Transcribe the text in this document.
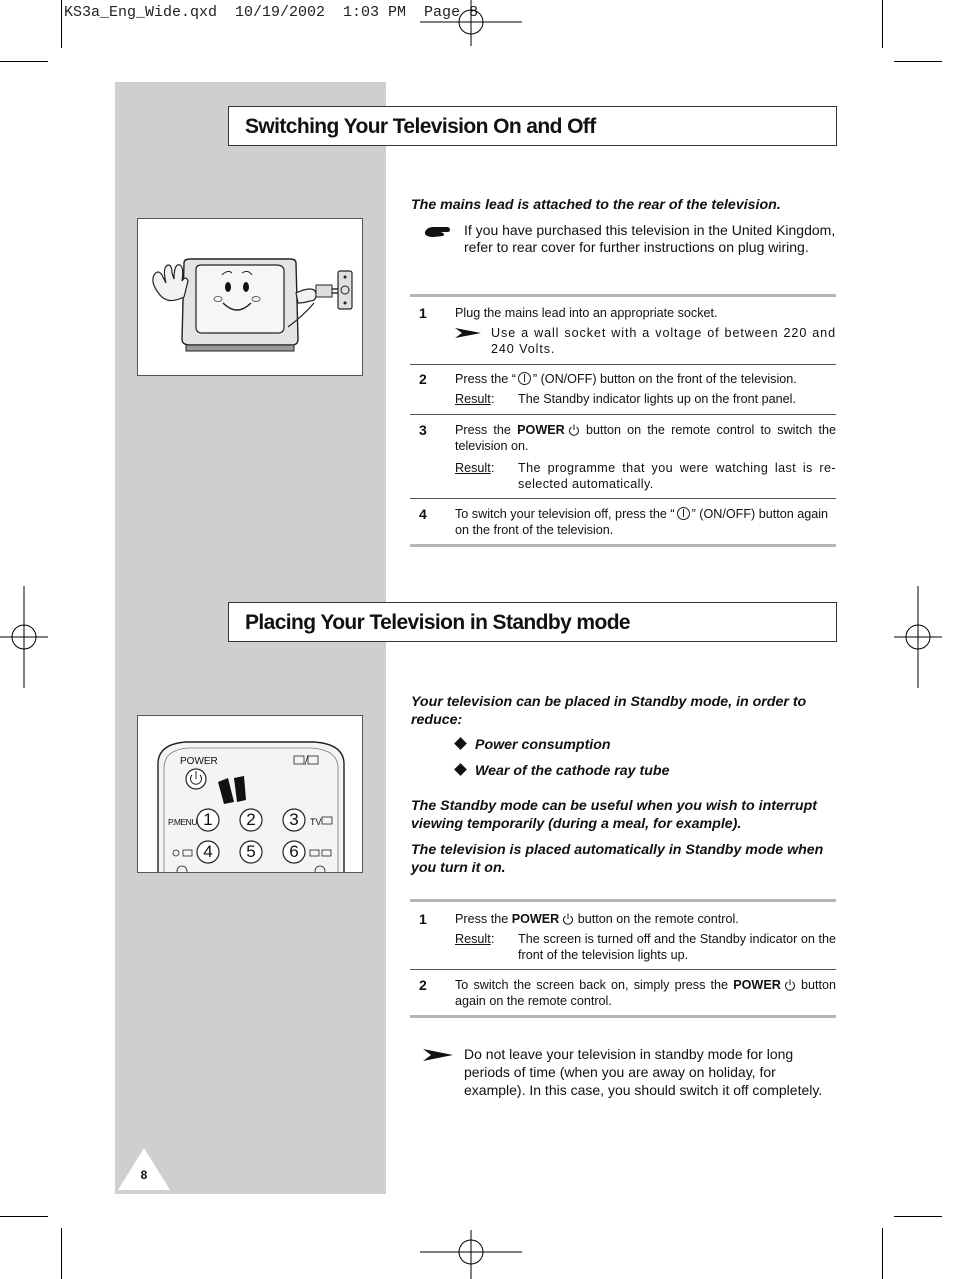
KS3a_Eng_Wide.qxd  10/19/2002  1:03 PM  Page 8
Switching Your Television On and Off
The mains lead is attached to the rear of the television.
If you have purchased this television in the United Kingdom, refer to rear cover for further instructions on plug wiring.
1 Plug the mains lead into an appropriate socket.
Use a wall socket with a voltage of between 220 and 240 Volts.
2 Press the “ ” (ON/OFF) button on the front of the television.
Result : The Standby indicator lights up on the front panel.
3 Press the POWER button on the remote control to switch the television on.
Result : The programme that you were watching last is re-selected automatically.
4 To switch your television off, press the “ ” (ON/OFF) button again on the front of the television.
Placing Your Television in Standby mode
POWER
P.MENU	TV
1 2 3
4 5 6
Your television can be placed in Standby mode, in order to reduce:
Power consumption
Wear of the cathode ray tube
The Standby mode can be useful when you wish to interrupt viewing temporarily (during a meal, for example).
The television is placed automatically in Standby mode when you turn it on.
1 Press the POWER button on the remote control.
Result : The screen is turned off and the Standby indicator on the front of the television lights up.
2 To switch the screen back on, simply press the POWER button again on the remote control.
Do not leave your television in standby mode for long periods of time (when you are away on holiday, for example). In this case, you should switch it off completely.
8
